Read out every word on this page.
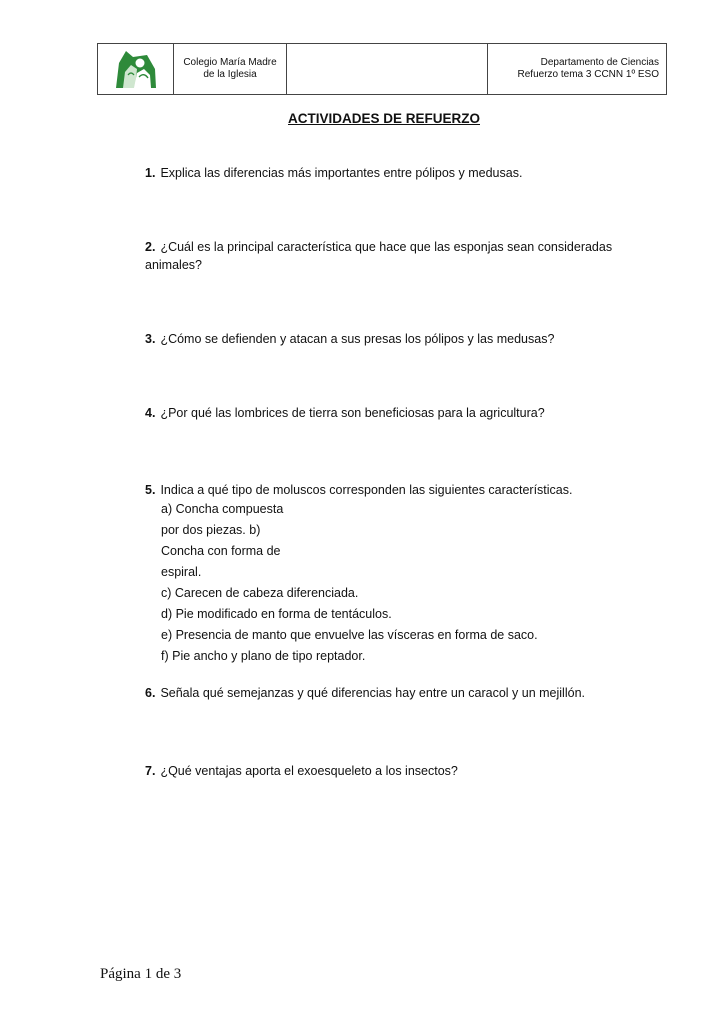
Colegio María Madre
de la Iglesia
Departamento de Ciencias
Refuerzo tema 3 CCNN 1º ESO
ACTIVIDADES DE REFUERZO
1. Explica las diferencias más importantes entre pólipos y medusas.
2. ¿Cuál es la principal característica que hace que las esponjas sean consideradas animales?
3. ¿Cómo se defienden y atacan a sus presas los pólipos y las medusas?
4. ¿Por qué las lombrices de tierra son beneficiosas para la agricultura?
5. Indica a qué tipo de moluscos corresponden las siguientes características.
a) Concha compuesta
por dos piezas. b)
Concha con forma de
espiral.
c) Carecen de cabeza diferenciada.
d) Pie modificado en forma de tentáculos.
e) Presencia de manto que envuelve las vísceras en forma de saco.
f) Pie ancho y plano de tipo reptador.
6. Señala qué semejanzas y qué diferencias hay entre un caracol y un mejillón.
7. ¿Qué ventajas aporta el exoesqueleto a los insectos?
Página 1 de 3
